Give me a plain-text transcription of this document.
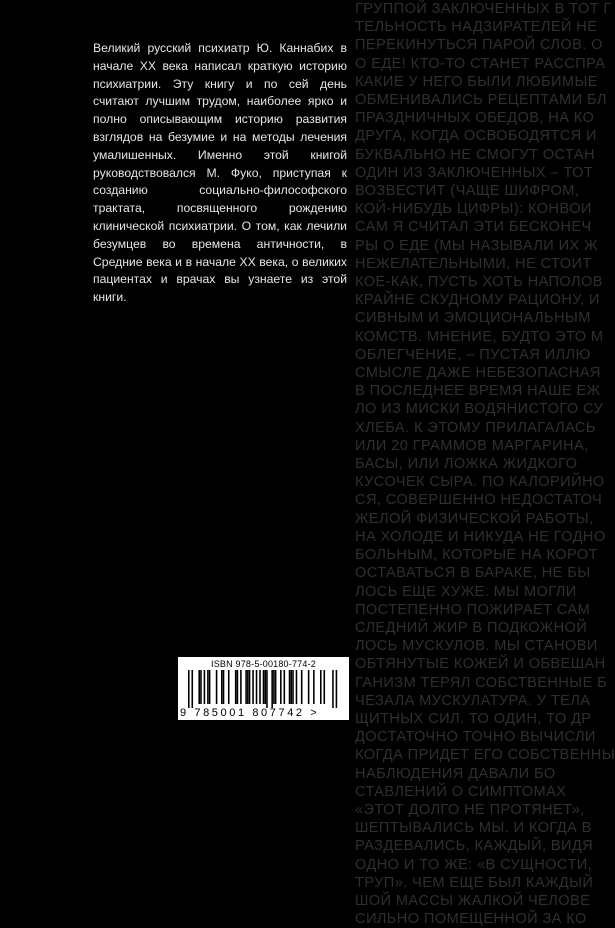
ГРУППОЙ ЗАКЛЮЧЕННЫХ В ТОТ Г
ТЕЛЬНОСТЬ НАДЗИРАТЕЛЕЙ НЕ
ПЕРЕКИНУТЬСЯ ПАРОЙ СЛОВ. О
О ЕДЕ! КТО-ТО СТАНЕТ РАССПРА
КАКИЕ У НЕГО БЫЛИ ЛЮБИМЫЕ
ОБМЕНИВАЛИСЬ РЕЦЕПТАМИ БЛ
ПРАЗДНИЧНЫХ ОБЕДОВ, НА КО
ДРУГА, КОГДА ОСВОБОДЯТСЯ И
БУКВАЛЬНО НЕ СМОГУТ ОСТАН
ОДИН ИЗ ЗАКЛЮЧЕННЫХ – ТОТ
ВОЗВЕСТИТ (ЧАЩЕ ШИФРОМ,
КОЙ-НИБУДЬ ЦИФРЫ): КОНВОИ
САМ Я СЧИТАЛ ЭТИ БЕСКОНЕЧ
РЫ О ЕДЕ (МЫ НАЗЫВАЛИ ИХ Ж
НЕЖЕЛАТЕЛЬНЫМИ, НЕ СТОИТ
КОЕ-КАК, ПУСТЬ ХОТЬ НАПОЛОВ
КРАЙНЕ СКУДНОМУ РАЦИОНУ, И
СИВНЫМ И ЭМОЦИОНАЛЬНЫМ
КОМСТВ. МНЕНИЕ, БУДТО ЭТО М
ОБЛЕГЧЕНИЕ, – ПУСТАЯ ИЛЛЮ
СМЫСЛЕ ДАЖЕ НЕБЕЗОПАСНАЯ
В ПОСЛЕДНЕЕ ВРЕМЯ НАШЕ ЕЖ
ЛО ИЗ МИСКИ ВОДЯНИСТОГО СУ
ХЛЕБА. К ЭТОМУ ПРИЛАГАЛАСЬ
ИЛИ 20 ГРАММОВ МАРГАРИНА,
БАСЫ, ИЛИ ЛОЖКА ЖИДКОГО
КУСОЧЕК СЫРА. ПО КАЛОРИЙНО
СЯ, СОВЕРШЕННО НЕДОСТАТОЧ
ЖЕЛОЙ ФИЗИЧЕСКОЙ РАБОТЫ,
НА ХОЛОДЕ И НИКУДА НЕ ГОДНО
БОЛЬНЫМ, КОТОРЫЕ НА КОРОТ
ОСТАВАТЬСЯ В БАРАКЕ, НЕ БЫ
ЛОСЬ ЕЩЕ ХУЖЕ. МЫ МОГЛИ
ПОСТЕПЕННО ПОЖИРАЕТ САМ
СЛЕДНИЙ ЖИР В ПОДКОЖНОЙ
ЛОСЬ МУСКУЛОВ. МЫ СТАНОВИ
ОБТЯНУТЫЕ КОЖЕЙ И ОБВЕШАН
ГАНИЗМ ТЕРЯЛ СОБСТВЕННЫЕ Б
ЧЕЗАЛА МУСКУЛАТУРА. У ТЕЛА
ЩИТНЫХ СИЛ. ТО ОДИН, ТО ДР
ДОСТАТОЧНО ТОЧНО ВЫЧИСЛИ
КОГДА ПРИДЕТ ЕГО СОБСТВЕННЫ
НАБЛЮДЕНИЯ ДАВАЛИ БО
СТАВЛЕНИЙ О СИМПТОМАХ
«ЭТОТ ДОЛГО НЕ ПРОТЯНЕТ»,
ШЕПТЫВАЛИСЬ МЫ. И КОГДА В
РАЗДЕВАЛИСЬ, КАЖДЫЙ, ВИДЯ
ОДНО И ТО ЖЕ: «В СУЩНОСТИ,
ТРУП». ЧЕМ ЕЩЕ БЫЛ КАЖДЫЙ
ШОЙ МАССЫ ЖАЛКОЙ ЧЕЛОВЕ
СИЛЬНО ПОМЕЩЕННОЙ ЗА КО

Великий русский психиатр Ю. Каннабих в начале XX века написал краткую историю психиатрии. Эту книгу и по сей день считают лучшим трудом, наиболее ярко и полно описывающим историю развития взглядов на безумие и на методы лечения умалишенных. Именно этой книгой руководствовался М. Фуко, приступая к созданию социально-философского трактата, посвященного рождению клинической психиатрии. О том, как лечили безумцев во времена античности, в Средние века и в начале XX века, о великих пациентах и врачах вы узнаете из этой книги.

ISBN 978-5-00180-774-2
9 785001 807742 >
